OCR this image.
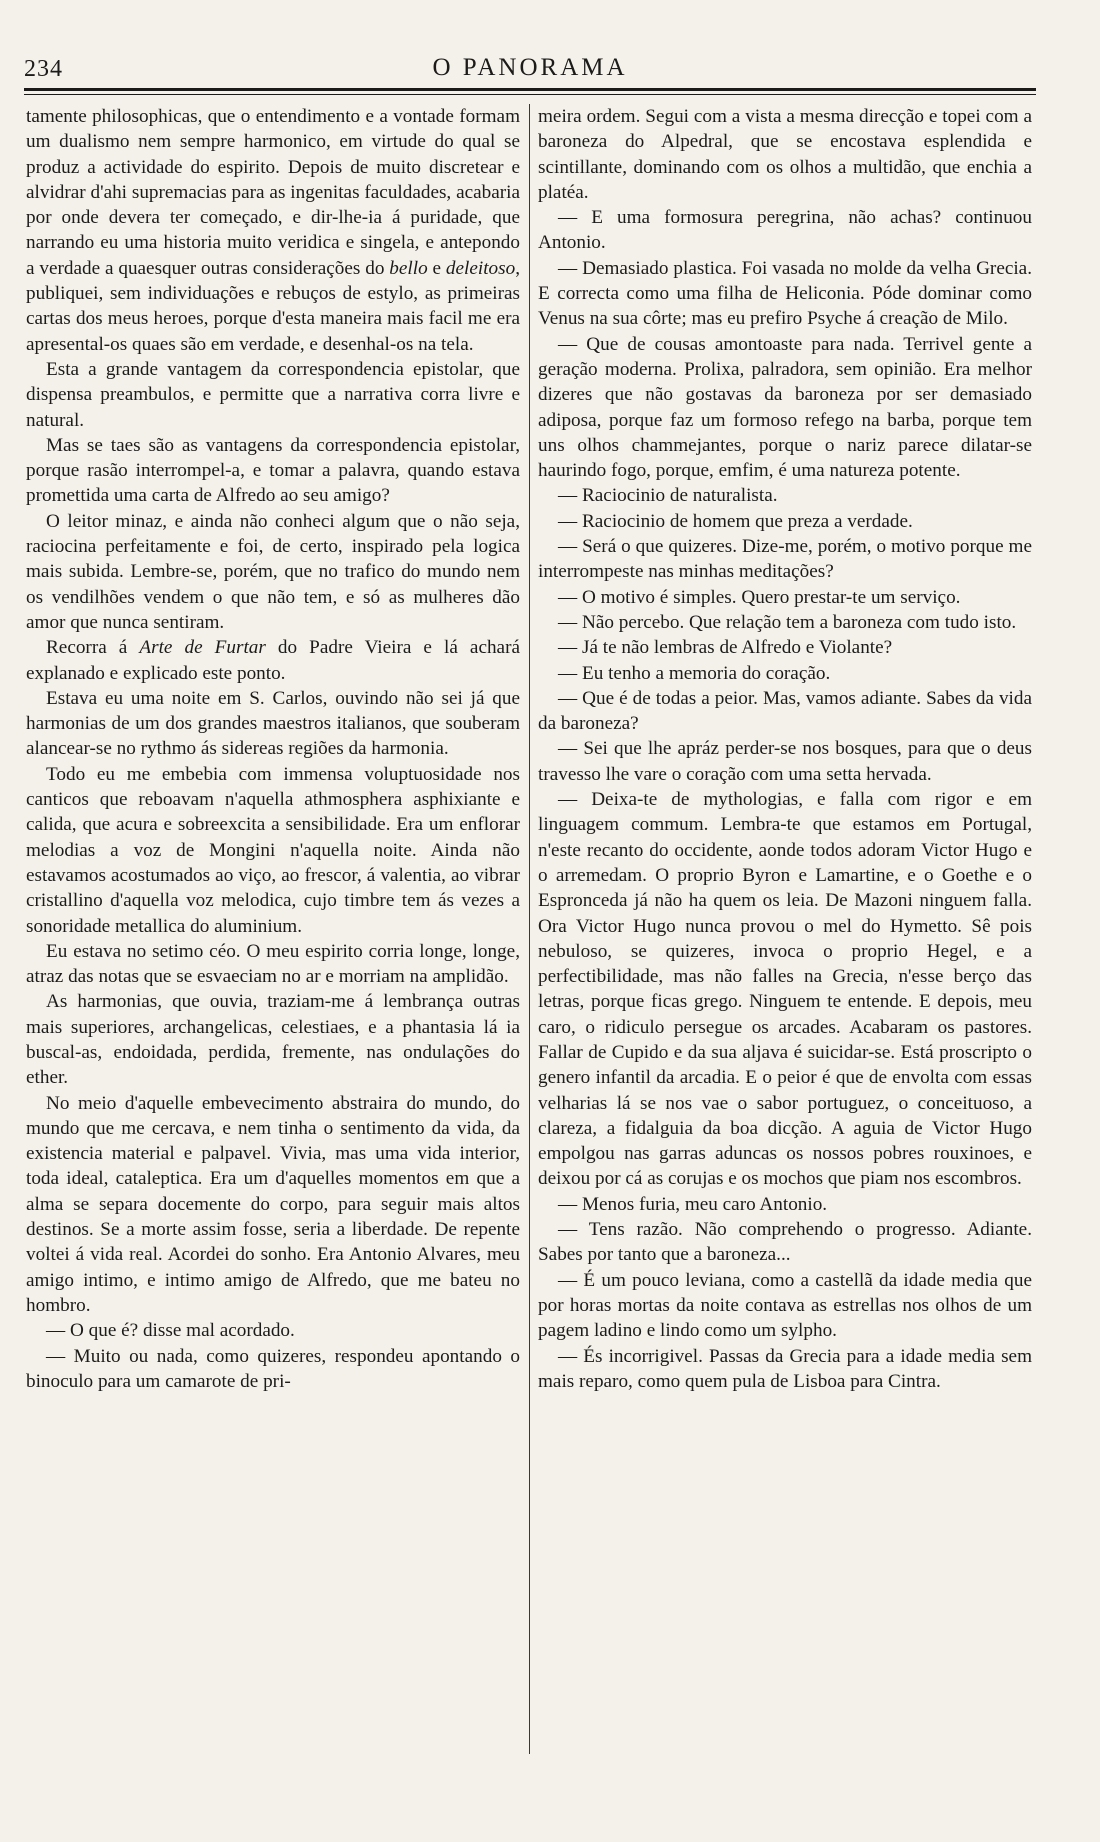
234	O PANORAMA

tamente philosophicas, que o entendimento e a vontade formam um dualismo nem sempre harmonico, em virtude do qual se produz a actividade do espirito. Depois de muito discretear e alvidrar d'ahi supremacias para as ingenitas faculdades, acabaria por onde devera ter começado, e dir-lhe-ia á puridade, que narrando eu uma historia muito veridica e singela, e antepondo a verdade a quaesquer outras considerações do bello e deleitoso, publiquei, sem individuações e rebuços de estylo, as primeiras cartas dos meus heroes, porque d'esta maneira mais facil me era apresental-os quaes são em verdade, e desenhal-os na tela.

Esta a grande vantagem da correspondencia epistolar, que dispensa preambulos, e permitte que a narrativa corra livre e natural.

Mas se taes são as vantagens da correspondencia epistolar, porque rasão interrompel-a, e tomar a palavra, quando estava promettida uma carta de Alfredo ao seu amigo?

O leitor minaz, e ainda não conheci algum que o não seja, raciocina perfeitamente e foi, de certo, inspirado pela logica mais subida. Lembre-se, porém, que no trafico do mundo nem os vendilhões vendem o que não tem, e só as mulheres dão amor que nunca sentiram.

Recorra á Arte de Furtar do Padre Vieira e lá achará explanado e explicado este ponto.

Estava eu uma noite em S. Carlos, ouvindo não sei já que harmonias de um dos grandes maestros italianos, que souberam alancear-se no rythmo ás sidereas regiões da harmonia.

Todo eu me embebia com immensa voluptuosidade nos canticos que reboavam n'aquella athmosphera asphixiante e calida, que acura e sobreexcita a sensibilidade. Era um enflorar melodias a voz de Mongini n'aquella noite. Ainda não estavamos acostumados ao viço, ao frescor, á valentia, ao vibrar cristallino d'aquella voz melodica, cujo timbre tem ás vezes a sonoridade metallica do aluminium.

Eu estava no setimo céo. O meu espirito corria longe, longe, atraz das notas que se esvaeciam no ar e morriam na amplidão.

As harmonias, que ouvia, traziam-me á lembrança outras mais superiores, archangelicas, celestiaes, e a phantasia lá ia buscal-as, endoidada, perdida, fremente, nas ondulações do ether.

No meio d'aquelle embevecimento abstraira do mundo, do mundo que me cercava, e nem tinha o sentimento da vida, da existencia material e palpavel. Vivia, mas uma vida interior, toda ideal, cataleptica. Era um d'aquelles momentos em que a alma se separa docemente do corpo, para seguir mais altos destinos. Se a morte assim fosse, seria a liberdade. De repente voltei á vida real. Acordei do sonho. Era Antonio Alvares, meu amigo intimo, e intimo amigo de Alfredo, que me bateu no hombro.

— O que é? disse mal acordado.

— Muito ou nada, como quizeres, respondeu apontando o binoculo para um camarote de pri-

meira ordem. Segui com a vista a mesma direcção e topei com a baroneza do Alpedral, que se encostava esplendida e scintillante, dominando com os olhos a multidão, que enchia a platéa.

— E uma formosura peregrina, não achas? continuou Antonio.

— Demasiado plastica. Foi vasada no molde da velha Grecia. E correcta como uma filha de Heliconia. Póde dominar como Venus na sua côrte; mas eu prefiro Psyche á creação de Milo.

— Que de cousas amontoaste para nada. Terrivel gente a geração moderna. Prolixa, palradora, sem opinião. Era melhor dizeres que não gostavas da baroneza por ser demasiado adiposa, porque faz um formoso refego na barba, porque tem uns olhos chammejantes, porque o nariz parece dilatar-se haurindo fogo, porque, emfim, é uma natureza potente.

— Raciocinio de naturalista.

— Raciocinio de homem que preza a verdade.

— Será o que quizeres. Dize-me, porém, o motivo porque me interrompeste nas minhas meditações?

— O motivo é simples. Quero prestar-te um serviço.

— Não percebo. Que relação tem a baroneza com tudo isto.

— Já te não lembras de Alfredo e Violante?

— Eu tenho a memoria do coração.

— Que é de todas a peior. Mas, vamos adiante. Sabes da vida da baroneza?

— Sei que lhe apráz perder-se nos bosques, para que o deus travesso lhe vare o coração com uma setta hervada.

— Deixa-te de mythologias, e falla com rigor e em linguagem commum. Lembra-te que estamos em Portugal, n'este recanto do occidente, aonde todos adoram Victor Hugo e o arremedam. O proprio Byron e Lamartine, e o Goethe e o Espronceda já não ha quem os leia. De Mazoni ninguem falla. Ora Victor Hugo nunca provou o mel do Hymetto. Sê pois nebuloso, se quizeres, invoca o proprio Hegel, e a perfectibilidade, mas não falles na Grecia, n'esse berço das letras, porque ficas grego. Ninguem te entende. E depois, meu caro, o ridiculo persegue os arcades. Acabaram os pastores. Fallar de Cupido e da sua aljava é suicidar-se. Está proscripto o genero infantil da arcadia. E o peior é que de envolta com essas velharias lá se nos vae o sabor portuguez, o conceituoso, a clareza, a fidalguia da boa dicção. A aguia de Victor Hugo empolgou nas garras aduncas os nossos pobres rouxinoes, e deixou por cá as corujas e os mochos que piam nos escombros.

— Menos furia, meu caro Antonio.

— Tens razão. Não comprehendo o progresso. Adiante. Sabes por tanto que a baroneza...

— É um pouco leviana, como a castellã da idade media que por horas mortas da noite contava as estrellas nos olhos de um pagem ladino e lindo como um sylpho.

— És incorrigivel. Passas da Grecia para a idade media sem mais reparo, como quem pula de Lisboa para Cintra.
